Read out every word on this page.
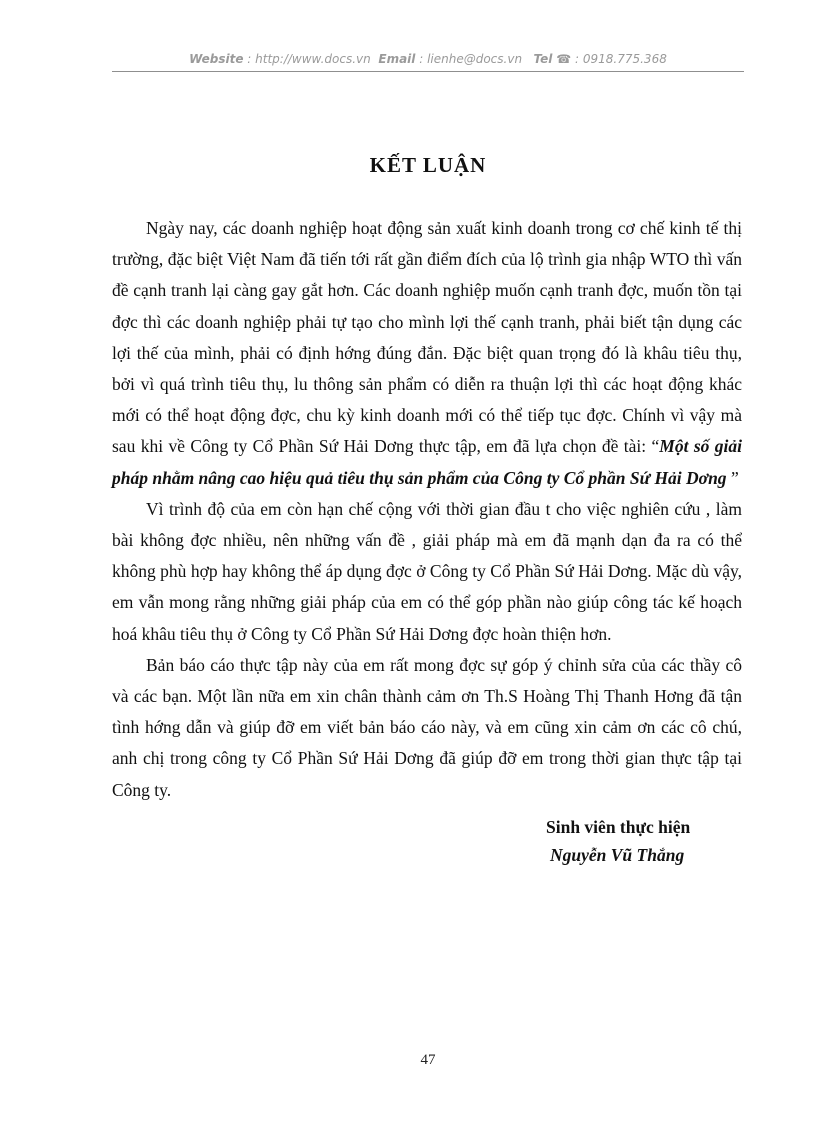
Website : http://www.docs.vn Email : lienhe@docs.vn Tel ☎ : 0918.775.368
KẾT LUẬN

Ngày nay, các doanh nghiệp hoạt động sản xuất kinh doanh trong cơ chế kinh tế thị trường, đặc biệt Việt Nam đã tiến tới rất gần điểm đích của lộ trình gia nhập WTO thì vấn đề cạnh tranh lại càng gay gắt hơn. Các doanh nghiệp muốn cạnh tranh đợc, muốn tồn tại đợc thì các doanh nghiệp phải tự tạo cho mình lợi thế cạnh tranh, phải biết tận dụng các lợi thế của mình, phải có định hớng đúng đắn. Đặc biệt quan trọng đó là khâu tiêu thụ, bởi vì quá trình tiêu thụ, lu thông sản phẩm có diễn ra thuận lợi thì các hoạt động khác mới có thể hoạt động đợc, chu kỳ kinh doanh mới có thể tiếp tục đợc. Chính vì vậy mà sau khi về Công ty Cổ Phần Sứ Hải Dơng thực tập, em đã lựa chọn đề tài: “Một số giải pháp nhằm nâng cao hiệu quả tiêu thụ sản phẩm của Công ty Cổ phần Sứ Hải Dơng ”

Vì trình độ của em còn hạn chế cộng với thời gian đầu t cho việc nghiên cứu , làm bài không đợc nhiều, nên những vấn đề , giải pháp mà em đã mạnh dạn đa ra có thể không phù hợp hay không thể áp dụng đợc ở Công ty Cổ Phần Sứ Hải Dơng. Mặc dù vậy, em vẫn mong rằng những giải pháp của em có thể góp phần nào giúp công tác kế hoạch hoá khâu tiêu thụ ở Công ty Cổ Phần Sứ Hải Dơng đợc hoàn thiện hơn.

Bản báo cáo thực tập này của em rất mong đợc sự góp ý chỉnh sửa của các thầy cô và các bạn. Một lần nữa em xin chân thành cảm ơn Th.S Hoàng Thị Thanh Hơng đã tận tình hớng dẫn và giúp đỡ em viết bản báo cáo này, và em cũng xin cảm ơn các cô chú, anh chị trong công ty Cổ Phần Sứ Hải Dơng đã giúp đỡ em trong thời gian thực tập tại Công ty.

Sinh viên thực hiện
Nguyễn Vũ Thắng
47
